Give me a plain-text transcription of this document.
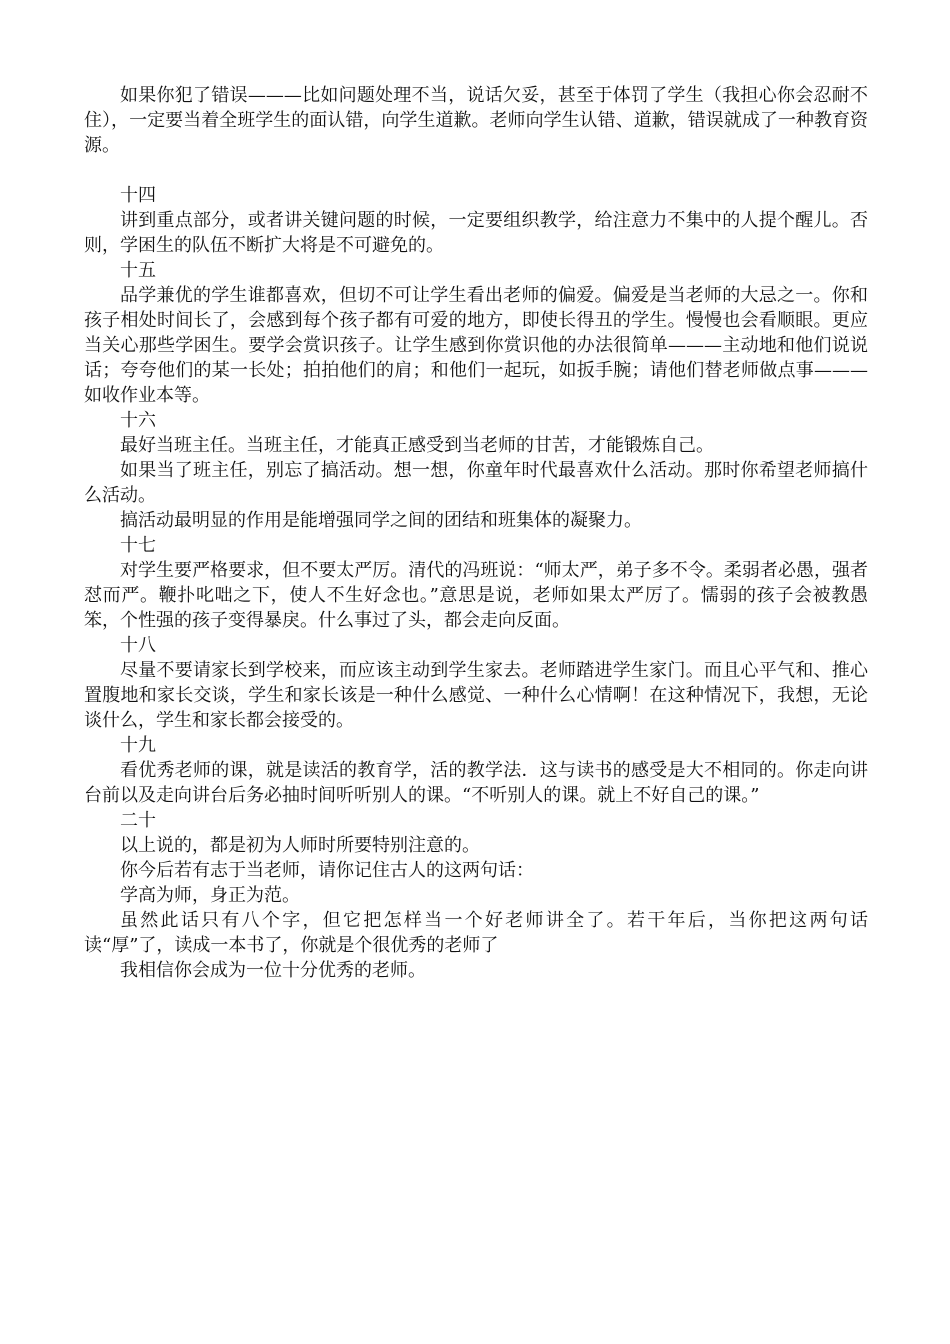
如果你犯了错误———比如问题处理不当，说话欠妥，甚至于体罚了学生（我担心你会忍耐不住），一定要当着全班学生的面认错，向学生道歉。老师向学生认错、道歉，错误就成了一种教育资源。

十四

讲到重点部分，或者讲关键问题的时候，一定要组织教学，给注意力不集中的人提个醒儿。否则，学困生的队伍不断扩大将是不可避免的。

十五

品学兼优的学生谁都喜欢，但切不可让学生看出老师的偏爱。偏爱是当老师的大忌之一。你和孩子相处时间长了，会感到每个孩子都有可爱的地方，即使长得丑的学生。慢慢也会看顺眼。更应当关心那些学困生。要学会赏识孩子。让学生感到你赏识他的办法很简单———主动地和他们说说话；夸夸他们的某一长处；拍拍他们的肩；和他们一起玩，如扳手腕；请他们替老师做点事———如收作业本等。

十六

最好当班主任。当班主任，才能真正感受到当老师的甘苦，才能锻炼自己。

如果当了班主任，别忘了搞活动。想一想，你童年时代最喜欢什么活动。那时你希望老师搞什么活动。

搞活动最明显的作用是能增强同学之间的团结和班集体的凝聚力。

十七

对学生要严格要求，但不要太严厉。清代的冯班说：“师太严，弟子多不令。柔弱者必愚，强者怼而严。鞭扑叱咄之下，使人不生好念也。”意思是说，老师如果太严厉了。懦弱的孩子会被教愚笨，个性强的孩子变得暴戾。什么事过了头，都会走向反面。

十八

尽量不要请家长到学校来，而应该主动到学生家去。老师踏进学生家门。而且心平气和、推心置腹地和家长交谈，学生和家长该是一种什么感觉、一种什么心情啊！在这种情况下，我想，无论谈什么，学生和家长都会接受的。

十九

看优秀老师的课，就是读活的教育学，活的教学法．这与读书的感受是大不相同的。你走向讲台前以及走向讲台后务必抽时间听听别人的课。“不听别人的课。就上不好自己的课。”

二十

以上说的，都是初为人师时所要特别注意的。

你今后若有志于当老师，请你记住古人的这两句话：

学高为师，身正为范。

虽然此话只有八个字，但它把怎样当一个好老师讲全了。若干年后，当你把这两句话读“厚”了，读成一本书了，你就是个很优秀的老师了

我相信你会成为一位十分优秀的老师。
